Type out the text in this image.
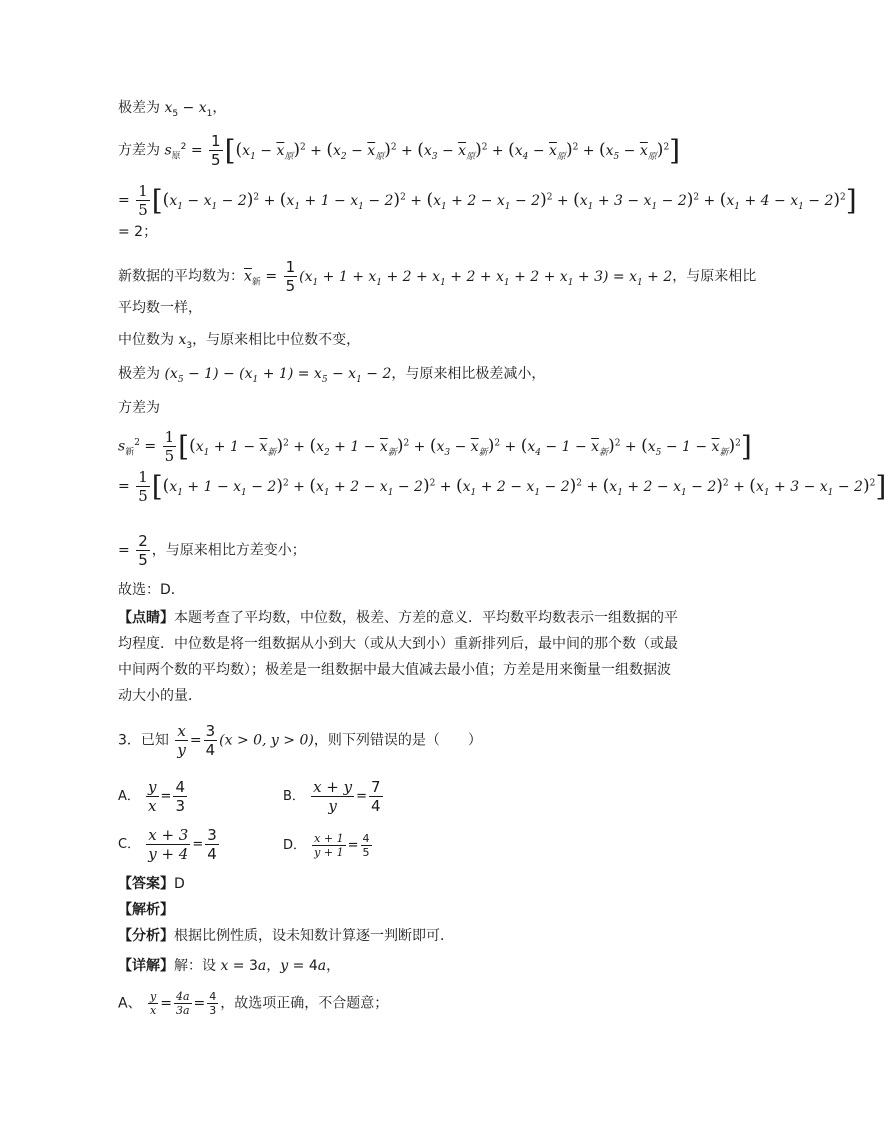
极差为 $x_5 - x_1$，
方差为 $s_原^2 = \frac{1}{5} [(x_1 - \overline{x}_原)^2 + (x_2 - \overline{x}_原)^2 + (x_3 - \overline{x}_原)^2 + (x_4 - \overline{x}_原)^2 + (x_5 - \overline{x}_原)^2]$
= $\frac{1}{5} [(x_1 - x_1 - 2)^2 + (x_1 + 1 - x_1 - 2)^2 + (x_1 + 2 - x_1 - 2)^2 + (x_1 + 3 - x_1 - 2)^2 + (x_1 + 4 - x_1 - 2)^2]$
= 2；
新数据的平均数为：$\overline{x}_新 = \frac{1}{5} (x_1 + 1 + x_1 + 2 + x_1 + 2 + x_1 + 2 + x_1 + 3) = x_1 + 2$，与原来相比
平均数一样，
中位数为 $x_3$，与原来相比中位数不变，
极差为 $(x_5 - 1) - (x_1 + 1) = x_5 - x_1 - 2$，与原来相比极差减小，
方差为
$s_新^2 = \frac{1}{5} [(x_1 + 1 - \overline{x}_新)^2 + (x_2 + 1 - \overline{x}_新)^2 + (x_3 - \overline{x}_新)^2 + (x_4 - 1 - \overline{x}_新)^2 + (x_5 - 1 - \overline{x}_新)^2]$
= $\frac{1}{5} [(x_1 + 1 - x_1 - 2)^2 + (x_1 + 2 - x_1 - 2)^2 + (x_1 + 2 - x_1 - 2)^2 + (x_1 + 2 - x_1 - 2)^2 + (x_1 + 3 - x_1 - 2)^2]$
= $\frac{2}{5}$ ，与原来相比方差变小；
故选：D．
【点睛】本题考查了平均数，中位数，极差、方差的意义．平均数平均数表示一组数据的平
均程度．中位数是将一组数据从小到大（或从大到小）重新排列后，最中间的那个数（或最
中间两个数的平均数）；极差是一组数据中最大值减去最小值；方差是用来衡量一组数据波
动大小的量．
3．已知 $\frac{x}{y} = \frac{3}{4} (x > 0$, y > 0)，则下列错误的是（　　）
A． $\frac{y}{x} = \frac{4}{3}$	B． $\frac{x + y}{y} = \frac{7}{4}$
C． $\frac{x + 3}{y + 4} = \frac{3}{4}$	D． $\frac{x + 1}{y + 1} = \frac{4}{5}$
【答案】D
【解析】
【分析】根据比例性质，设未知数计算逐一判断即可．
【详解】解：设 x = 3a，y = 4a，
A、 $\frac{y}{x} = \frac{4a}{3a} = \frac{4}{3}$ ，故选项正确，不合题意；
